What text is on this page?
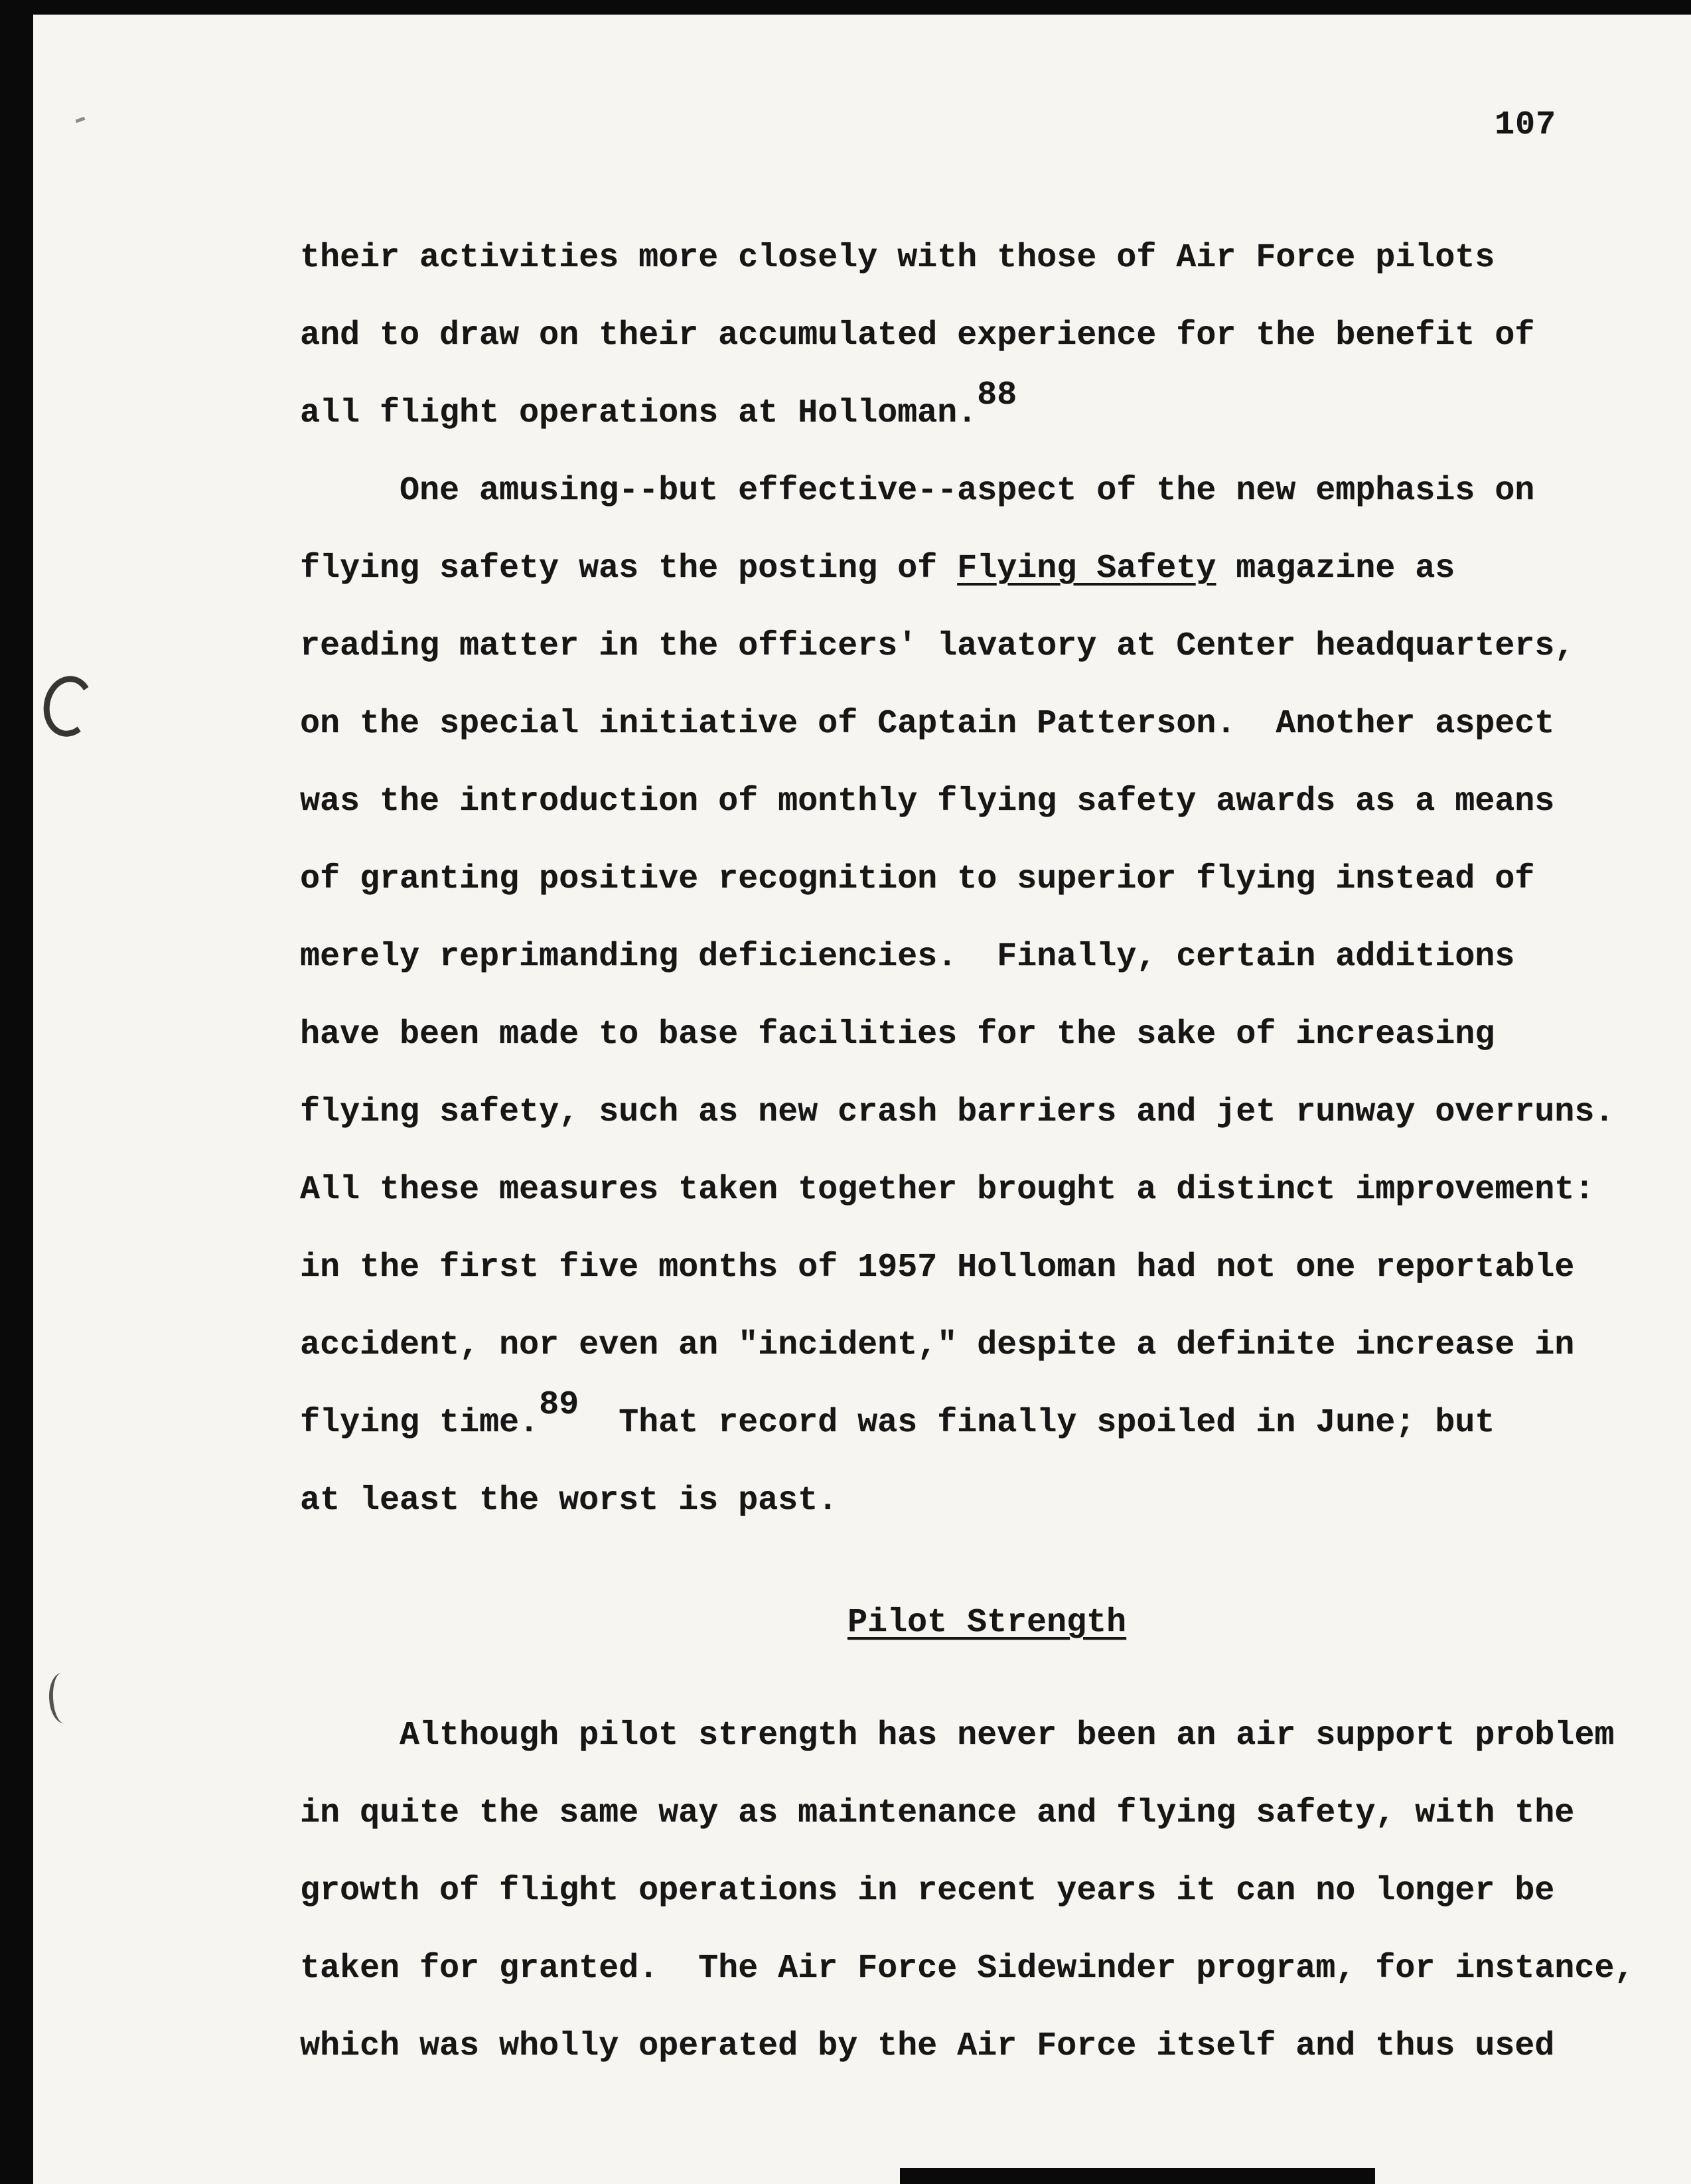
107
their activities more closely with those of Air Force pilots
and to draw on their accumulated experience for the benefit of
all flight operations at Holloman.88
One amusing--but effective--aspect of the new emphasis on
flying safety was the posting of Flying Safety magazine as
reading matter in the officers' lavatory at Center headquarters,
on the special initiative of Captain Patterson.  Another aspect
was the introduction of monthly flying safety awards as a means
of granting positive recognition to superior flying instead of
merely reprimanding deficiencies.  Finally, certain additions
have been made to base facilities for the sake of increasing
flying safety, such as new crash barriers and jet runway overruns.
All these measures taken together brought a distinct improvement:
in the first five months of 1957 Holloman had not one reportable
accident, nor even an "incident," despite a definite increase in
flying time.89  That record was finally spoiled in June; but
at least the worst is past.
Pilot Strength
Although pilot strength has never been an air support problem
in quite the same way as maintenance and flying safety, with the
growth of flight operations in recent years it can no longer be
taken for granted.  The Air Force Sidewinder program, for instance,
which was wholly operated by the Air Force itself and thus used
